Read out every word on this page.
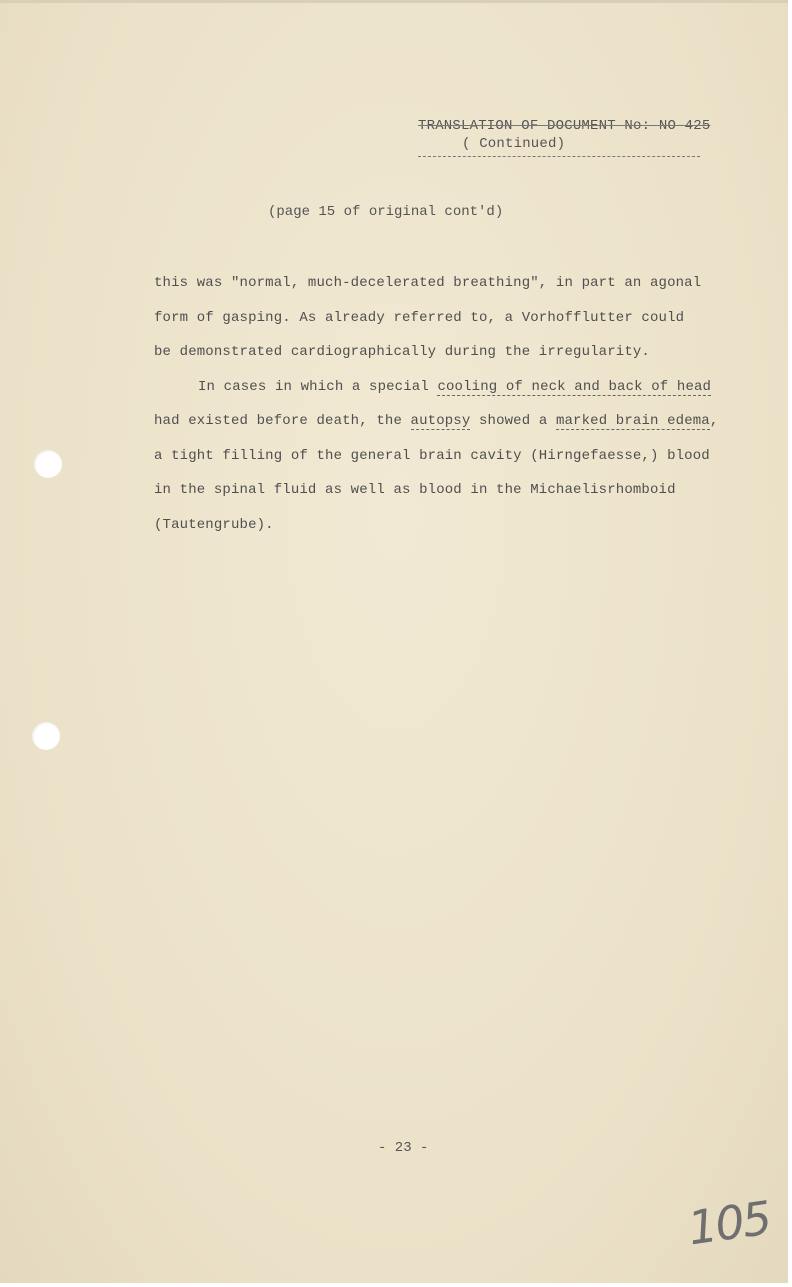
TRANSLATION OF DOCUMENT No: NO-425
( Continued)
(page 15 of original cont'd)
this was "normal, much-decelerated breathing", in part an agonal
form of gasping. As already referred to, a Vorhofflutter could
be demonstrated cardiographically during the irregularity.
In cases in which a special cooling of neck and back of head
had existed before death, the autopsy showed a marked brain edema,
a tight filling of the general brain cavity (Hirngefaesse,) blood
in the spinal fluid as well as blood in the Michaelisrhomboid
(Tautengrube).
- 23 -
105
